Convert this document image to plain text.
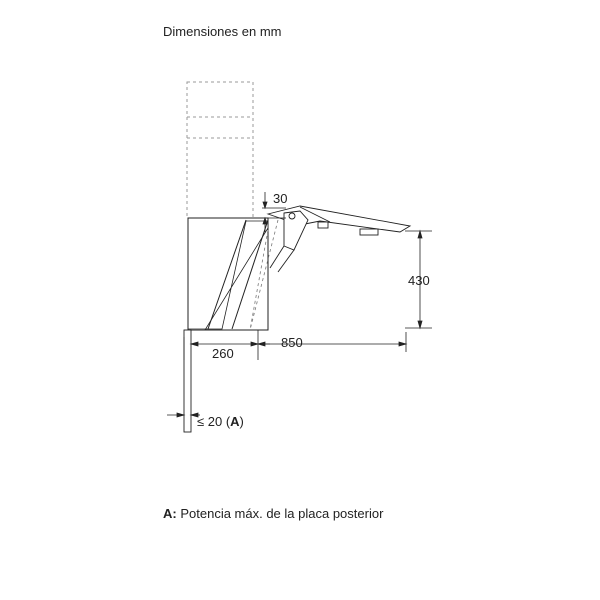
Dimensiones en mm
30
430
260
850
≤ 20 (A)
A: Potencia máx. de la placa posterior
